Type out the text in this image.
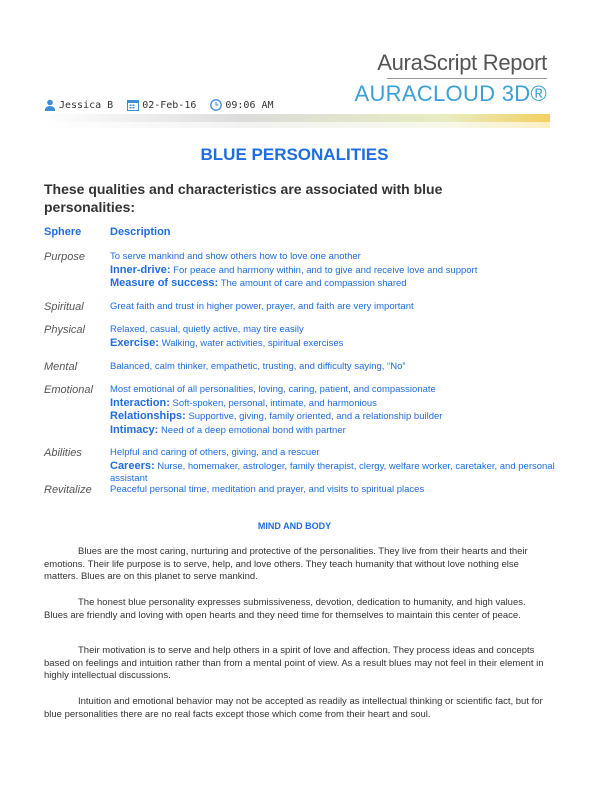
AuraScript Report
AURACLOUD 3D®
Jessica B	02-Feb-16	09:06 AM
BLUE PERSONALITIES
These qualities and characteristics are associated with blue personalities:
Sphere	Description
Purpose	To serve mankind and show others how to love one another
Inner-drive: For peace and harmony within, and to give and receive love and support
Measure of success: The amount of care and compassion shared
Spiritual	Great faith and trust in higher power, prayer, and faith are very important
Physical	Relaxed, casual, quietly active, may tire easily
Exercise: Walking, water activities, spiritual exercises
Mental	Balanced, calm thinker, empathetic, trusting, and difficulty saying, “No”
Emotional Most emotional of all personalities, loving, caring, patient, and compassionate
Interaction: Soft-spoken, personal, intimate, and harmonious
Relationships: Supportive, giving, family oriented, and a relationship builder
Intimacy: Need of a deep emotional bond with partner
Abilities	Helpful and caring of others, giving, and a rescuer
Careers: Nurse, homemaker, astrologer, family therapist, clergy, welfare worker, caretaker, and personal assistant
Revitalize Peaceful personal time, meditation and prayer, and visits to spiritual places
MIND AND BODY

Blues are the most caring, nurturing and protective of the personalities. They live from their hearts and their emotions. Their life purpose is to serve, help, and love others. They teach humanity that without love nothing else matters. Blues are on this planet to serve mankind.

The honest blue personality expresses submissiveness, devotion, dedication to humanity, and high values. Blues are friendly and loving with open hearts and they need time for themselves to maintain this center of peace.

Their motivation is to serve and help others in a spirit of love and affection. They process ideas and concepts based on feelings and intuition rather than from a mental point of view. As a result blues may not feel in their element in highly intellectual discussions.

Intuition and emotional behavior may not be accepted as readily as intellectual thinking or scientific fact, but for blue personalities there are no real facts except those which come from their heart and soul.
